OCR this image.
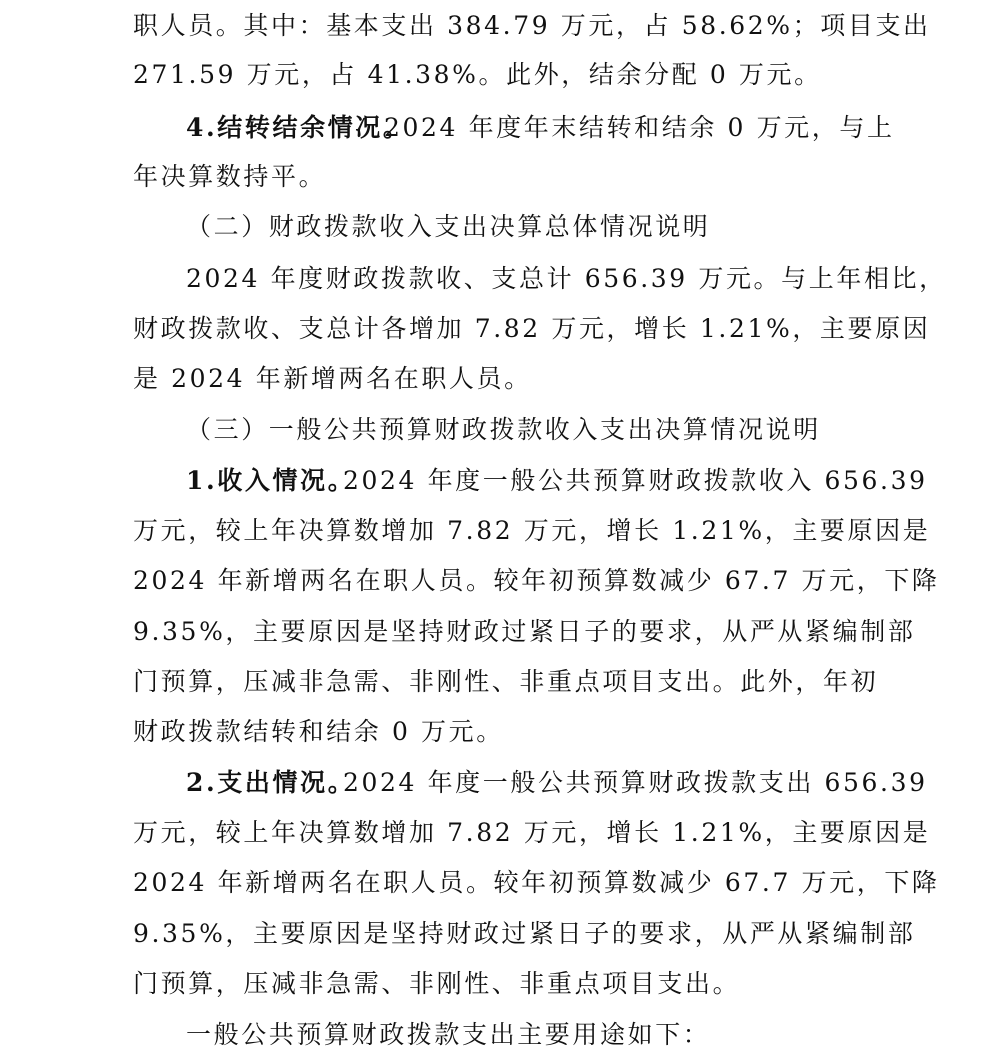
职人员。其中：基本支出 384.79 万元，占 58.62%；项目支出
271.59 万元，占 41.38%。此外，结余分配 0 万元。
4.结转结余情况。
2024 年度年末结转和结余 0 万元，与上
年决算数持平。
（二）财政拨款收入支出决算总体情况说明
2024 年度财政拨款收、支总计 656.39 万元。与上年相比，
财政拨款收、支总计各增加 7.82 万元，增长 1.21%，主要原因
是 2024 年新增两名在职人员。
（三）一般公共预算财政拨款收入支出决算情况说明
1.收入情况。
2024 年度一般公共预算财政拨款收入 656.39
万元，较上年决算数增加 7.82 万元，增长 1.21%，主要原因是
2024 年新增两名在职人员。较年初预算数减少 67.7 万元，下降
9.35%，主要原因是坚持财政过紧日子的要求，从严从紧编制部
门预算，压减非急需、非刚性、非重点项目支出。此外，年初
财政拨款结转和结余 0 万元。
2.支出情况。
2024 年度一般公共预算财政拨款支出 656.39
万元，较上年决算数增加 7.82 万元，增长 1.21%，主要原因是
2024 年新增两名在职人员。较年初预算数减少 67.7 万元，下降
9.35%，主要原因是坚持财政过紧日子的要求，从严从紧编制部
门预算，压减非急需、非刚性、非重点项目支出。
一般公共预算财政拨款支出主要用途如下：
